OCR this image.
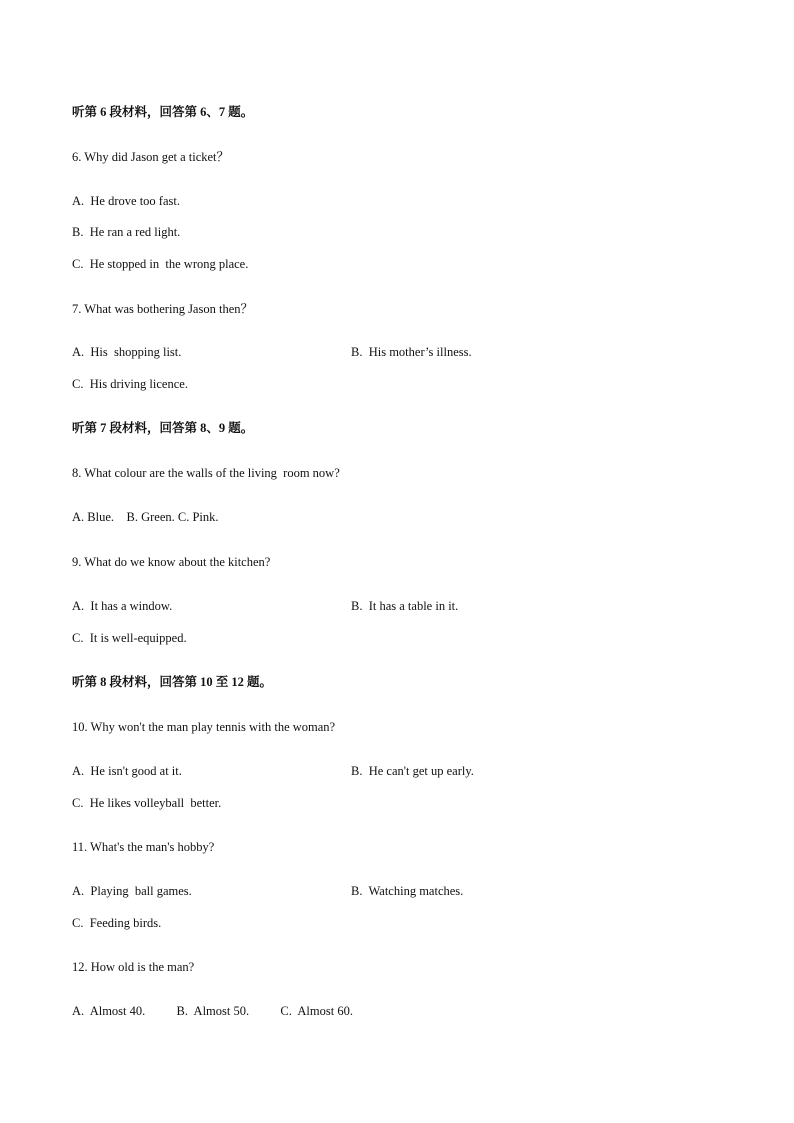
听第 6 段材料，回答第 6、7 题。
6. Why did Jason get a ticket？
A.  He drove too fast.
B.  He ran a red light.
C.  He stopped in  the wrong place.
7. What was bothering Jason then？
A.  His  shopping list.	B.  His mother’s illness.
C.  His driving licence.
听第 7 段材料，回答第 8、9 题。
8. What colour are the walls of the living  room now?
A. Blue.    B. Green. C. Pink.
9. What do we know about the kitchen?
A.  It has a window.	B.  It has a table in it.
C.  It is well-equipped.
听第 8 段材料，回答第 10 至 12 题。
10. Why won't the man play tennis with the woman?
A.  He isn't good at it.	B.  He can't get up early.
C.  He likes volleyball  better.
11. What's the man's hobby?
A.  Playing  ball games.	B.  Watching matches.
C.  Feeding birds.
12. How old is the man?
A.  Almost 40.          B.  Almost 50.          C.  Almost 60.
